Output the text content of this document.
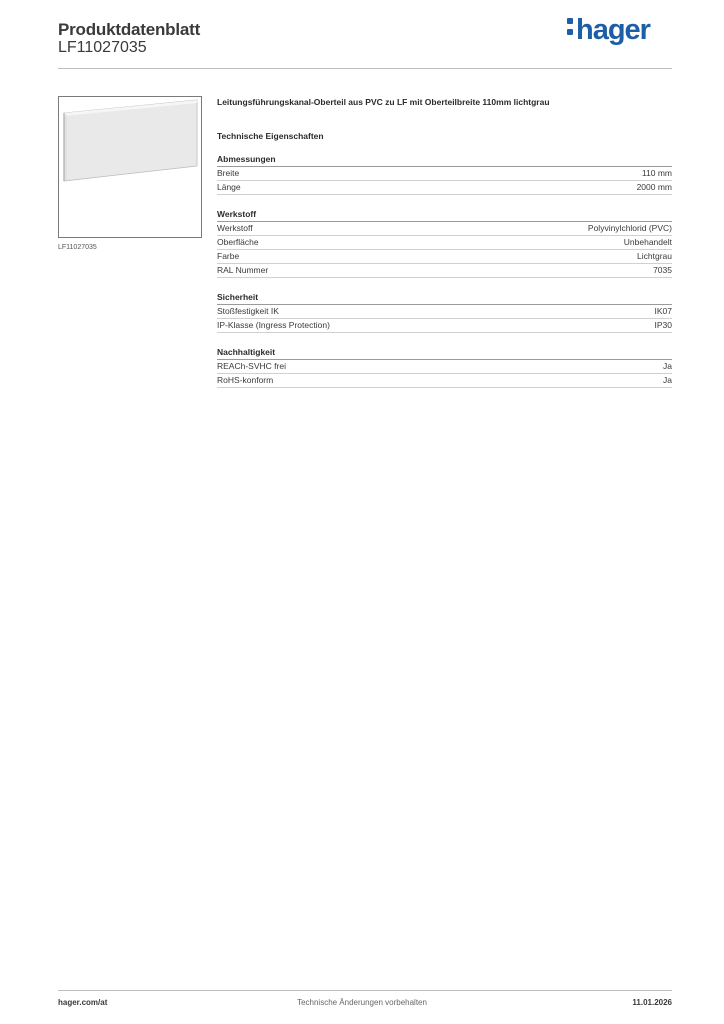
Produktdatenblatt
LF11027035
hager
LF11027035

Leitungsführungskanal-Oberteil aus PVC zu LF mit Oberteilbreite 110mm lichtgrau

Technische Eigenschaften

Abmessungen
Breite	110 mm
Länge	2000 mm
Werkstoff
Werkstoff	Polyvinylchlorid (PVC)
Oberfläche	Unbehandelt
Farbe	Lichtgrau
RAL Nummer	7035
Sicherheit
Stoßfestigkeit IK	IK07
IP-Klasse (Ingress Protection)	IP30
Nachhaltigkeit
REACh-SVHC frei	Ja
RoHS-konform	Ja
hager.com/at	Technische Änderungen vorbehalten	11.01.2026
